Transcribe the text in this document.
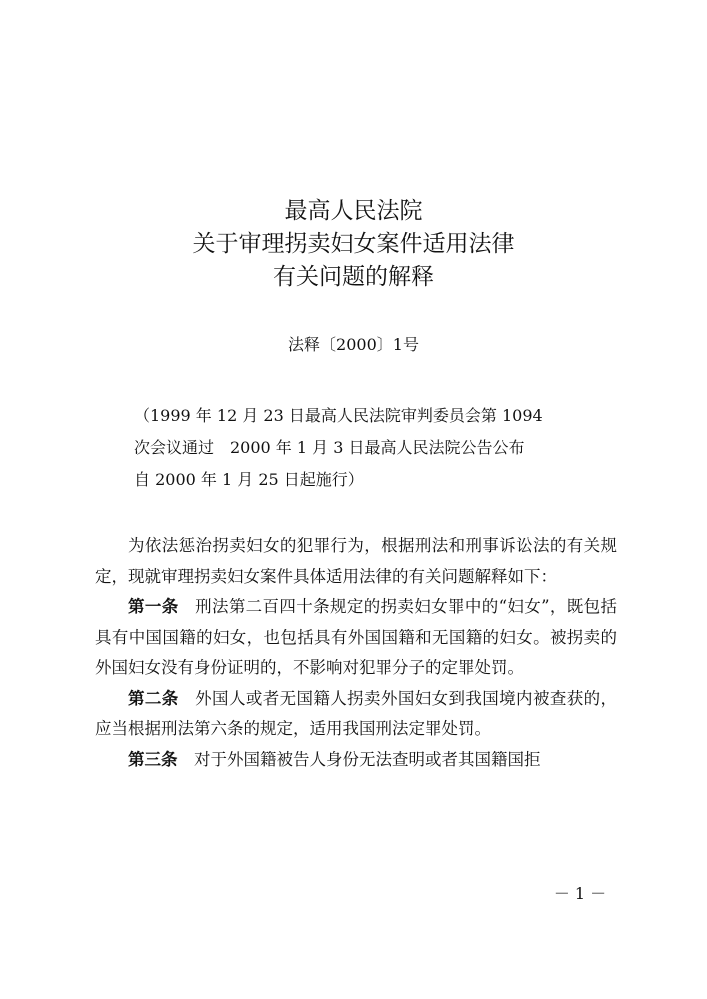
最高人民法院
关于审理拐卖妇女案件适用法律
有关问题的解释
法释〔2000〕1号
（1999 年 12 月 23 日最高人民法院审判委员会第 1094
次会议通过　2000 年 1 月 3 日最高人民法院公告公布
自 2000 年 1 月 25 日起施行）

为依法惩治拐卖妇女的犯罪行为，根据刑法和刑事诉讼法的有关规定，现就审理拐卖妇女案件具体适用法律的有关问题解释如下：

第一条 刑法第二百四十条规定的拐卖妇女罪中的“妇女”，既包括具有中国国籍的妇女，也包括具有外国国籍和无国籍的妇女。被拐卖的外国妇女没有身份证明的，不影响对犯罪分子的定罪处罚。

第二条 外国人或者无国籍人拐卖外国妇女到我国境内被查获的，应当根据刑法第六条的规定，适用我国刑法定罪处罚。

第三条 对于外国籍被告人身份无法查明或者其国籍国拒

－ 1 －
